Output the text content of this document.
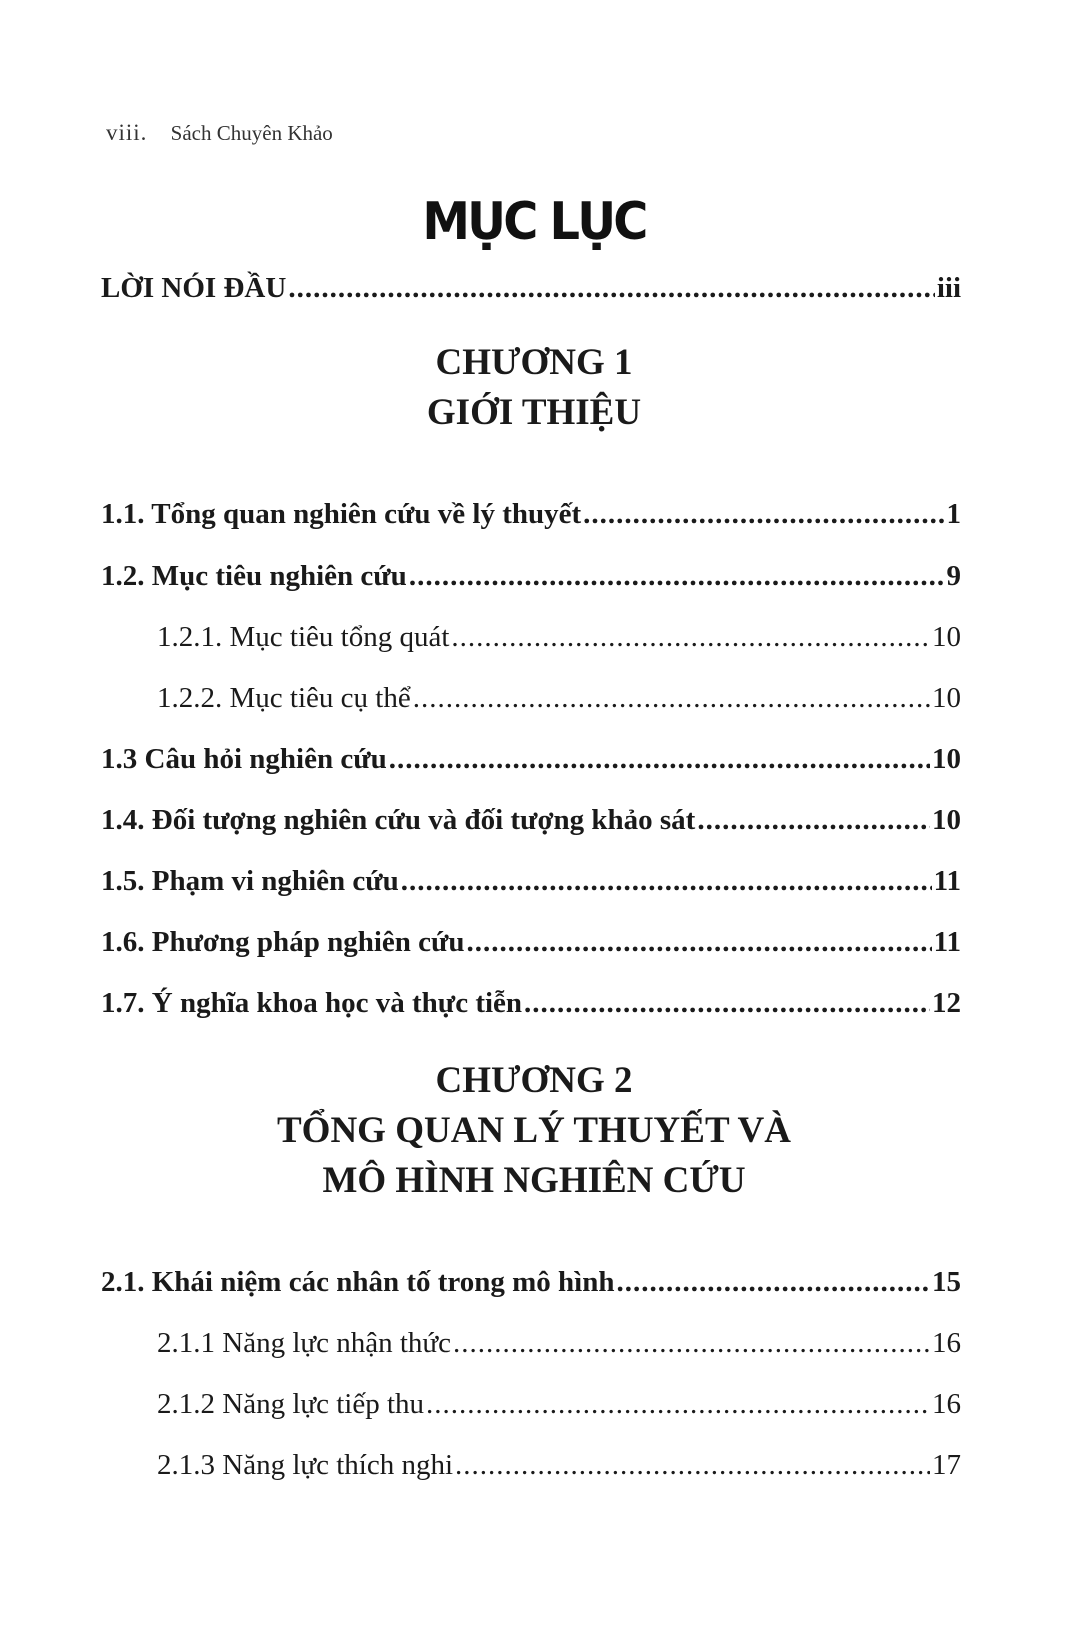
viii. Sách Chuyên Khảo
MỤC LỤC
LỜI NÓI ĐẦU .....	iii
CHƯƠNG 1
GIỚI THIỆU
1.1. Tổng quan nghiên cứu về lý thuyết .....	1
1.2. Mục tiêu nghiên cứu .....	9
1.2.1. Mục tiêu tổng quát .....	10
1.2.2. Mục tiêu cụ thể .....	10
1.3 Câu hỏi nghiên cứu .....	10
1.4. Đối tượng nghiên cứu và đối tượng khảo sát .....	10
1.5. Phạm vi nghiên cứu .....	11
1.6. Phương pháp nghiên cứu .....	11
1.7. Ý nghĩa khoa học và thực tiễn .....	12
CHƯƠNG 2
TỔNG QUAN LÝ THUYẾT VÀ
MÔ HÌNH NGHIÊN CỨU
2.1. Khái niệm các nhân tố trong mô hình .....	15
2.1.1 Năng lực nhận thức .....	16
2.1.2 Năng lực tiếp thu .....	16
2.1.3 Năng lực thích nghi .....	17
